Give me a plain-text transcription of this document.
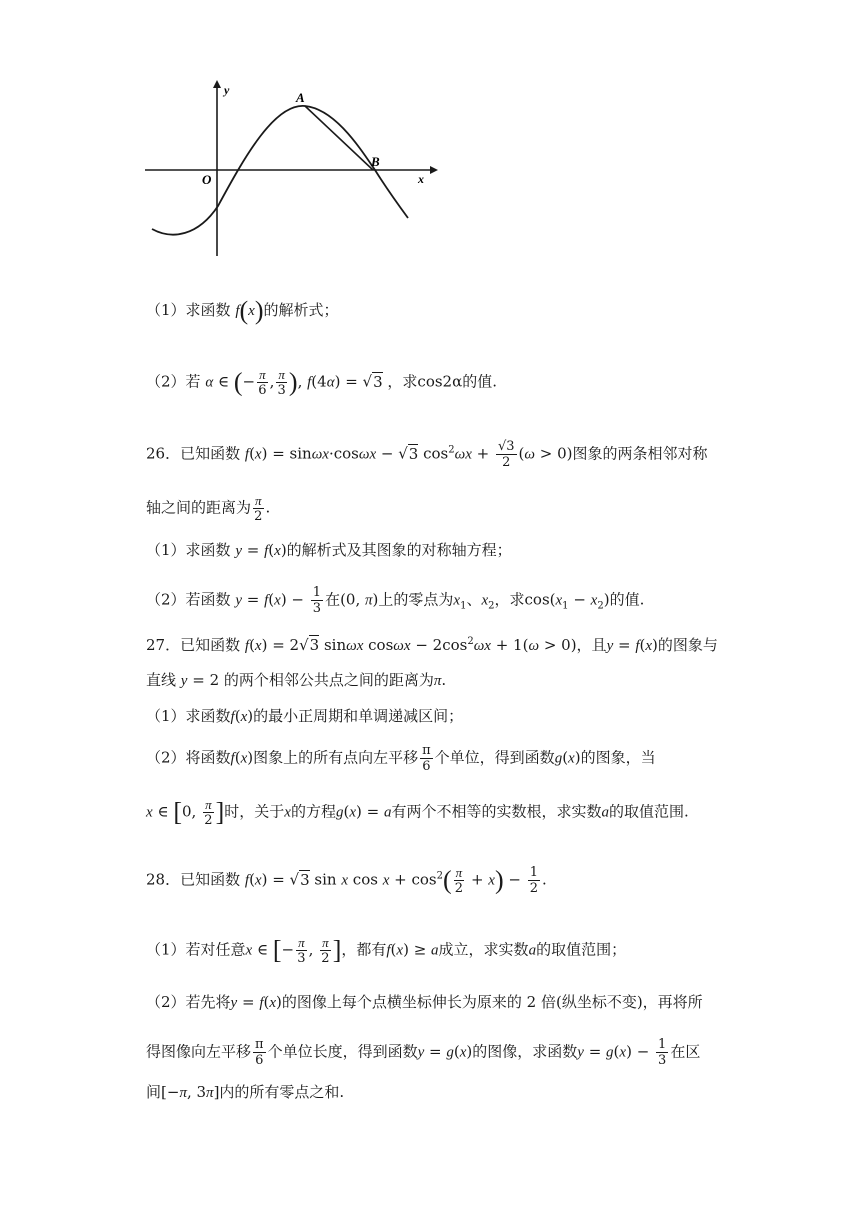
y
x
O
A
B
（1）求函数 f(x)的解析式；
（2）若 α ∈ (− $\frac{\pi}{6}$ , $\frac{\pi}{3}$ ), f(4α) = √3 ，求cos2α的值.
26．已知函数 f(x) = sinωx·cosωx − √3 $\cos^2\omega x + \frac{√3}{2} (\omega > 0)$图象的两条相邻对称
轴之间的距离为 $\frac{\pi}{2}$ .
（1）求函数 y = f(x)的解析式及其图象的对称轴方程；
（2）若函数 $y = f(x) - \frac{1}{3}$ 在(0, π)上的零点为$x_1$、$x_2$，求$\cos(x_1 - x_2)$的值.
27．已知函数 f(x) = 2√3 sinωx $\cos\omega x - 2\cos^2\omega x + 1(\omega > 0)$，且y = f(x)的图象与
直线 y = 2 的两个相邻公共点之间的距离为π.
（1）求函数f(x)的最小正周期和单调递减区间；
（2）将函数f(x)图象上的所有点向左平移 $\frac{\pi}{6}$ 个单位，得到函数g(x)的图象，当
x ∈ [0, $\frac{\pi}{2}$ ]时，关于x的方程g(x) = a有两个不相等的实数根，求实数a的取值范围.
28．已知函数 f(x) = √3 sin x $\cos x + \cos^2( \frac{\pi}{2} + x) - \frac{1}{2}$ .
（1）若对任意x ∈ [− $\frac{\pi}{3}$ , $\frac{\pi}{2}$ ]，都有f(x) ≥ a成立，求实数a的取值范围；
（2）若先将y = f(x)的图像上每个点横坐标伸长为原来的 2 倍(纵坐标不变)，再将所
得图像向左平移 $\frac{\pi}{6}$ 个单位长度，得到函数y = g(x)的图像，求函数$y = g(x) - \frac{1}{3}$ 在区
间[−π, 3π]内的所有零点之和.
